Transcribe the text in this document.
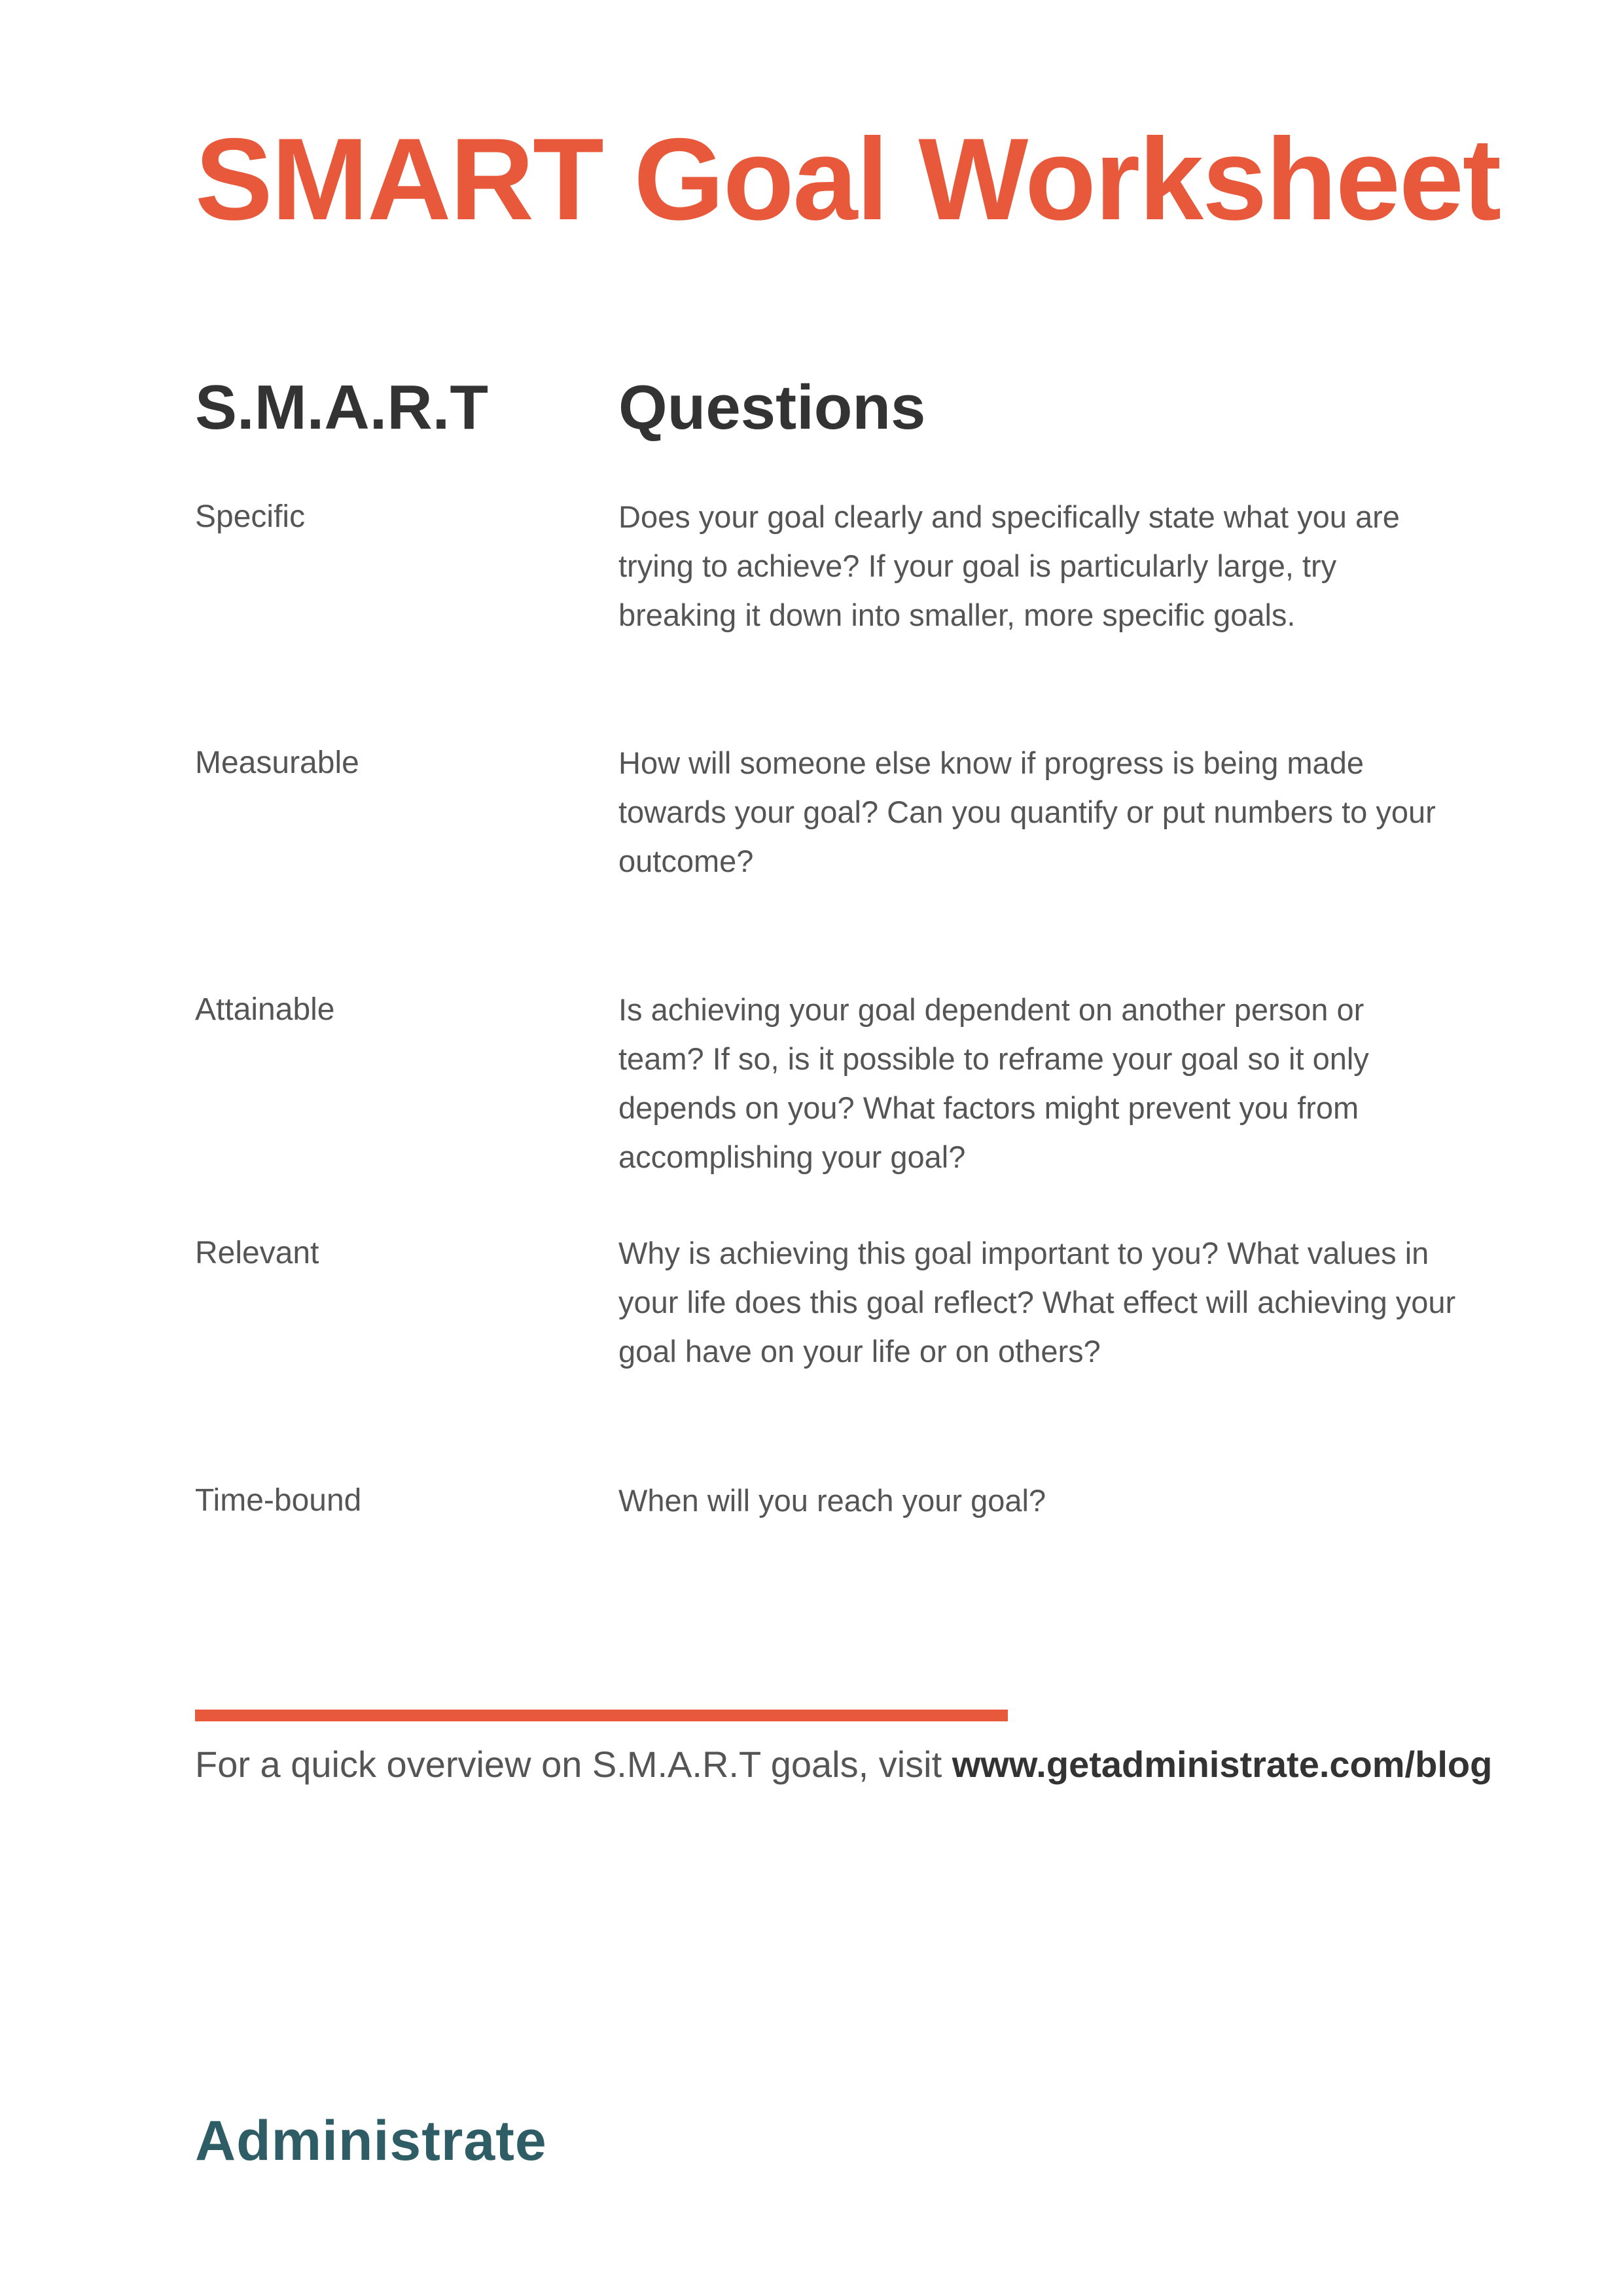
SMART Goal Worksheet
S.M.A.R.T Questions
Specific	Does your goal clearly and specifically state what you are trying to achieve? If your goal is particularly large, try breaking it down into smaller, more specific goals.
Measurable	How will someone else know if progress is being made towards your goal? Can you quantify or put numbers to your outcome?
Attainable	Is achieving your goal dependent on another person or team? If so, is it possible to reframe your goal so it only depends on you? What factors might prevent you from accomplishing your goal?
Relevant	Why is achieving this goal important to you? What values in your life does this goal reflect? What effect will achieving your goal have on your life or on others?
Time-bound	When will you reach your goal?
For a quick overview on S.M.A.R.T goals, visit www.getadministrate.com/blog
Administrate
